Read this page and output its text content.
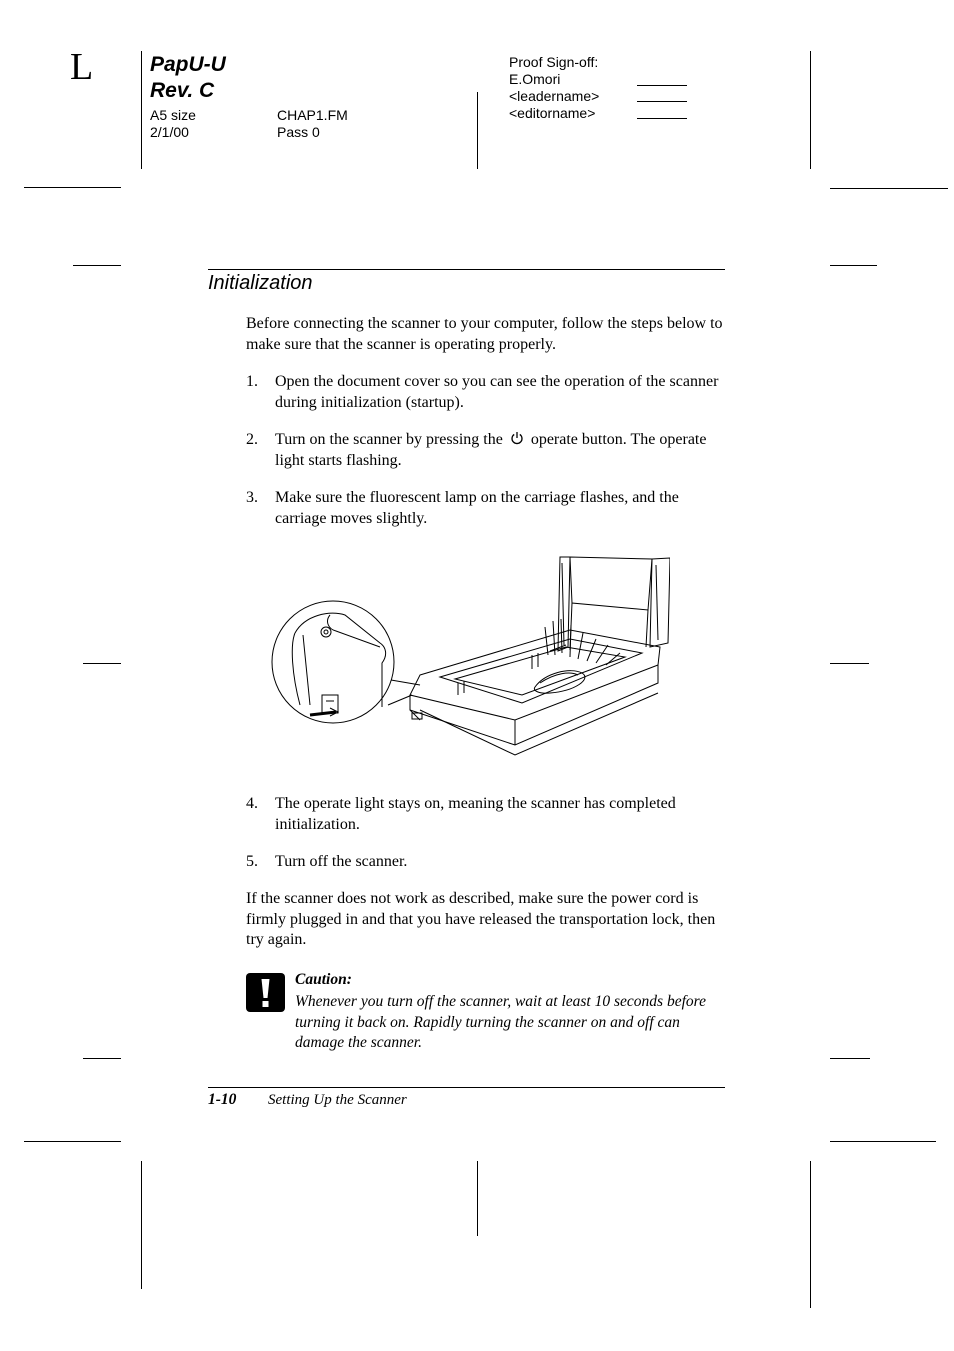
L	PapU-U
Rev. C
A5 size
2/1/00
CHAP1.FM
Pass 0
Proof Sign-off:
E.Omori
<leadername>
<editorname>
Initialization
Before connecting the scanner to your computer, follow the steps below to make sure that the scanner is operating properly.
1. Open the document cover so you can see the operation of the scanner during initialization (startup).
2. Turn on the scanner by pressing the  operate button. The operate light starts flashing.
3. Make sure the fluorescent lamp on the carriage flashes, and the carriage moves slightly.
4. The operate light stays on, meaning the scanner has completed initialization.
5. Turn off the scanner.
If the scanner does not work as described, make sure the power cord is firmly plugged in and that you have released the transportation lock, then try again.
Caution:
Whenever you turn off the scanner, wait at least 10 seconds before turning it back on. Rapidly turning the scanner on and off can damage the scanner.
1-10 Setting Up the Scanner
